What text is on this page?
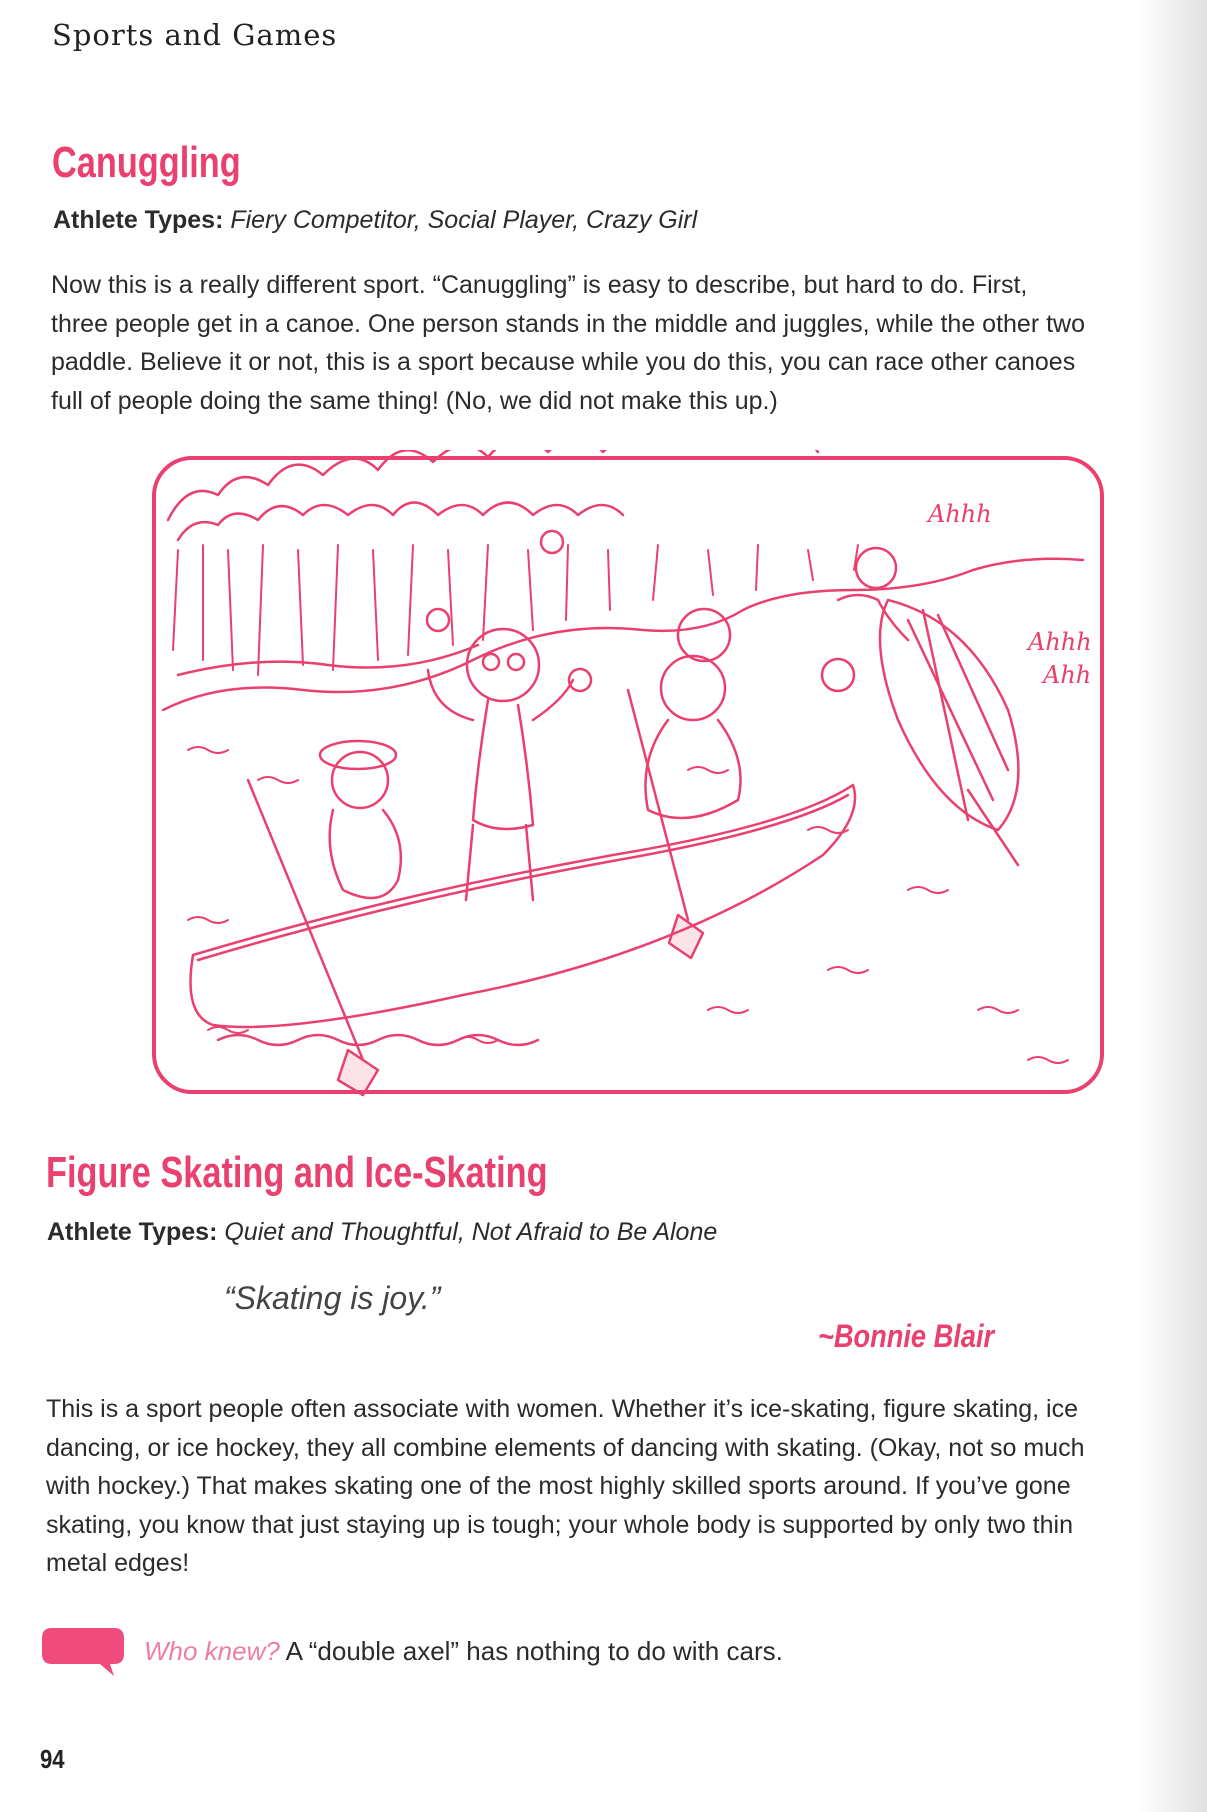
Sports and Games
Canuggling
Athlete Types: Fiery Competitor, Social Player, Crazy Girl

Now this is a really different sport. “Canuggling” is easy to describe, but hard to do. First,
three people get in a canoe. One person stands in the middle and juggles, while the other two
paddle. Believe it or not, this is a sport because while you do this, you can race other canoes
full of people doing the same thing! (No, we did not make this up.)

Ahhh
Ahhh
Ahh
Figure Skating and Ice-Skating
Athlete Types: Quiet and Thoughtful, Not Afraid to Be Alone
“Skating is joy.”
~Bonnie Blair

This is a sport people often associate with women. Whether it’s ice-skating, figure skating, ice
dancing, or ice hockey, they all combine elements of dancing with skating. (Okay, not so much
with hockey.) That makes skating one of the most highly skilled sports around. If you’ve gone
skating, you know that just staying up is tough; your whole body is supported by only two thin
metal edges!

Who knew? A “double axel” has nothing to do with cars.
94
